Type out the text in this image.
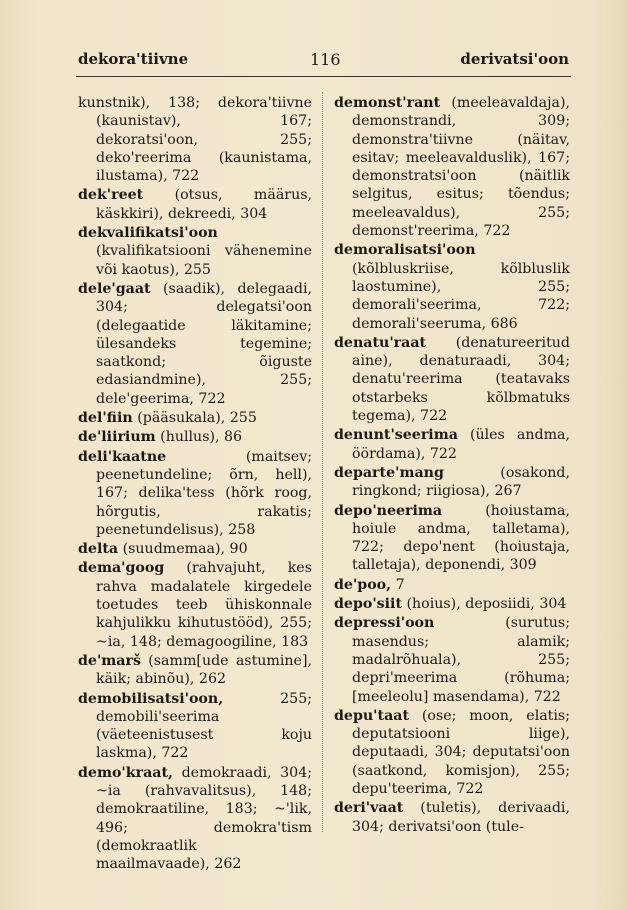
dekora'tiivne	116	derivatsi'oon
kunstnik), 138; dekora'tiivne (kaunistav), 167; dekoratsi'oon, 255; deko'reerima (kaunistama, ilustama), 722
dek'reet (otsus, määrus, käskkiri), dekreedi, 304
dekvalifikatsi'oon (kvalifikatsiooni vähenemine või kaotus), 255
dele'gaat (saadik), delegaadi, 304; delegatsi'oon (delegaatide läkitamine; ülesandeks tegemine; saatkond; õiguste edasiandmine), 255; dele'geerima, 722
del'fiin (pääsukala), 255
de'liirium (hullus), 86
deli'kaatne (maitsev; peenetundeline; õrn, hell), 167; delika'tess (hõrk roog, hõrgutis, rakatis; peenetundelisus), 258
delta (suudmemaa), 90
dema'goog (rahvajuht, kes rahva madalatele kirgedele toetudes teeb ühiskonnale kahjulikku kihutustööd), 255; ~ia, 148; demagoogiline, 183
de'marš (samm[ude astumine], käik; abinõu), 262
demobilisatsi'oon, 255; demobili'seerima (väeteenistusest koju laskma), 722
demo'kraat, demokraadi, 304; ~ia (rahvavalitsus), 148; demokraatiline, 183; ~'lik, 496; demokra'tism (demokraatlik maailmavaade), 262
demonst'rant (meeleavaldaja), demonstrandi, 309; demonstra'tiivne (näitav, esitav; meeleavalduslik), 167; demonstratsi'oon (näitlik selgitus, esitus; tõendus; meeleavaldus), 255; demonst'reerima, 722
demoralisatsi'oon (kõlbluskriise, kõlbluslik laostumine), 255; demorali'seerima, 722; demorali'seeruma, 686
denatu'raat (denatureeritud aine), denaturaadi, 304; denatu'reerima (teatavaks otstarbeks kõlbmatuks tegema), 722
denunt'seerima (üles andma, öördama), 722
departe'mang (osakond, ringkond; riigiosa), 267
depo'neerima (hoiustama, hoiule andma, talletama), 722; depo'nent (hoiustaja, talletaja), deponendi, 309
de'poo, 7
depo'siit (hoius), deposiidi, 304
depressi'oon (surutus; masendus; alamik; madalrõhuala), 255; depri'meerima (rõhuma; [meeleolu] masendama), 722
depu'taat (ose; moon, elatis; deputatsiooni liige), deputaadi, 304; deputatsi'oon (saatkond, komisjon), 255; depu'teerima, 722
deri'vaat (tuletis), derivaadi, 304; derivatsi'oon (tule-
